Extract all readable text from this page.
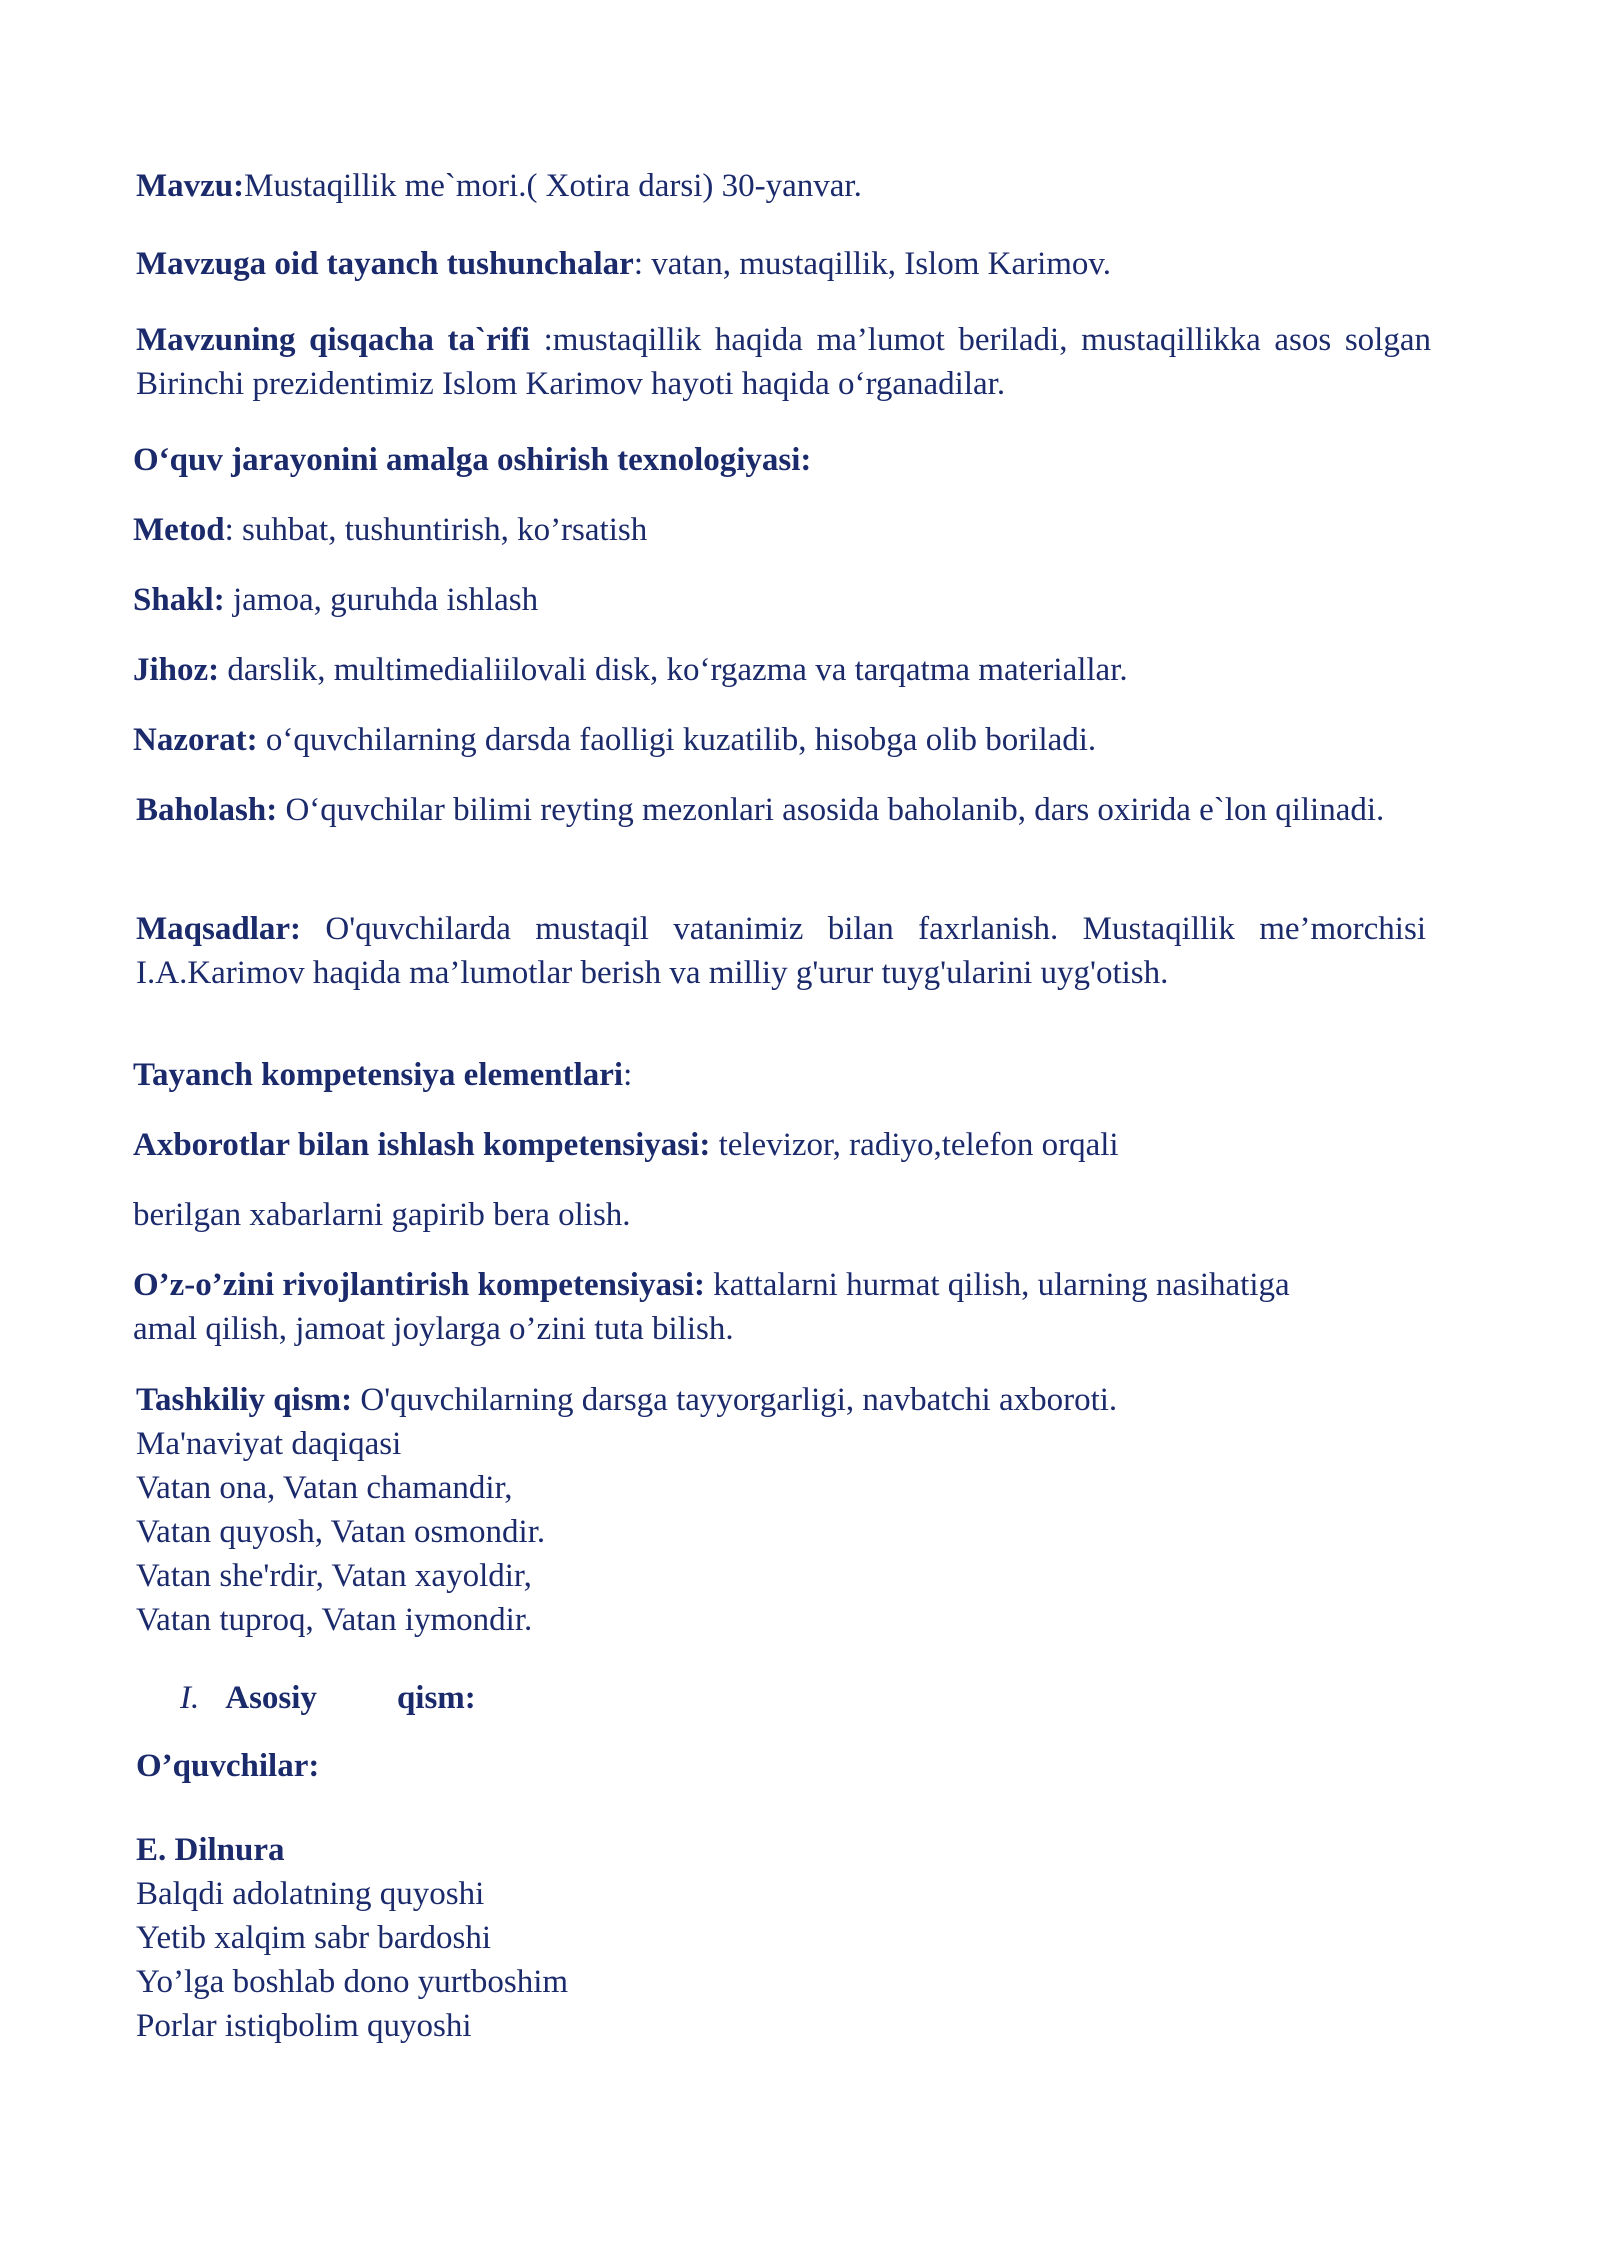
Mavzu:Mustaqillik me`mori.( Xotira darsi) 30-yanvar.

Mavzuga oid tayanch tushunchalar: vatan, mustaqillik, Islom Karimov.

Mavzuning qisqacha ta`rifi :mustaqillik haqida ma’lumot beriladi, mustaqillikka asos solgan Birinchi prezidentimiz Islom Karimov hayoti haqida o‘rganadilar.

O‘quv jarayonini amalga oshirish texnologiyasi:

Metod: suhbat, tushuntirish, ko’rsatish

Shakl: jamoa, guruhda ishlash

Jihoz: darslik, multimedialiilovali disk, ko‘rgazma va tarqatma materiallar.

Nazorat: o‘quvchilarning darsda faolligi kuzatilib, hisobga olib boriladi.

Baholash: O‘quvchilar bilimi reyting mezonlari asosida baholanib, dars oxirida e`lon qilinadi.

Maqsadlar: O'quvchilarda mustaqil vatanimiz bilan faxrlanish. Mustaqillik me’morchisi I.A.Karimov haqida ma’lumotlar berish va milliy g'urur tuyg'ularini uyg'otish.

Tayanch kompetensiya elementlari:

Axborotlar bilan ishlash kompetensiyasi: televizor, radiyo,telefon orqali

berilgan xabarlarni gapirib bera olish.

O’z-o’zini rivojlantirish kompetensiyasi: kattalarni hurmat qilish, ularning nasihatiga amal qilish, jamoat joylarga o’zini tuta bilish.

Tashkiliy qism: O'quvchilarning darsga tayyorgarligi, navbatchi axboroti.
Ma'naviyat daqiqasi
Vatan ona, Vatan chamandir,
Vatan quyosh, Vatan osmondir.
Vatan she'rdir, Vatan xayoldir,
Vatan tuproq, Vatan iymondir.

I. Asosiy qism:

O’quvchilar:

E. Dilnura
Balqdi adolatning quyoshi
Yetib xalqim sabr bardoshi
Yo’lga boshlab dono yurtboshim
Porlar istiqbolim quyoshi
